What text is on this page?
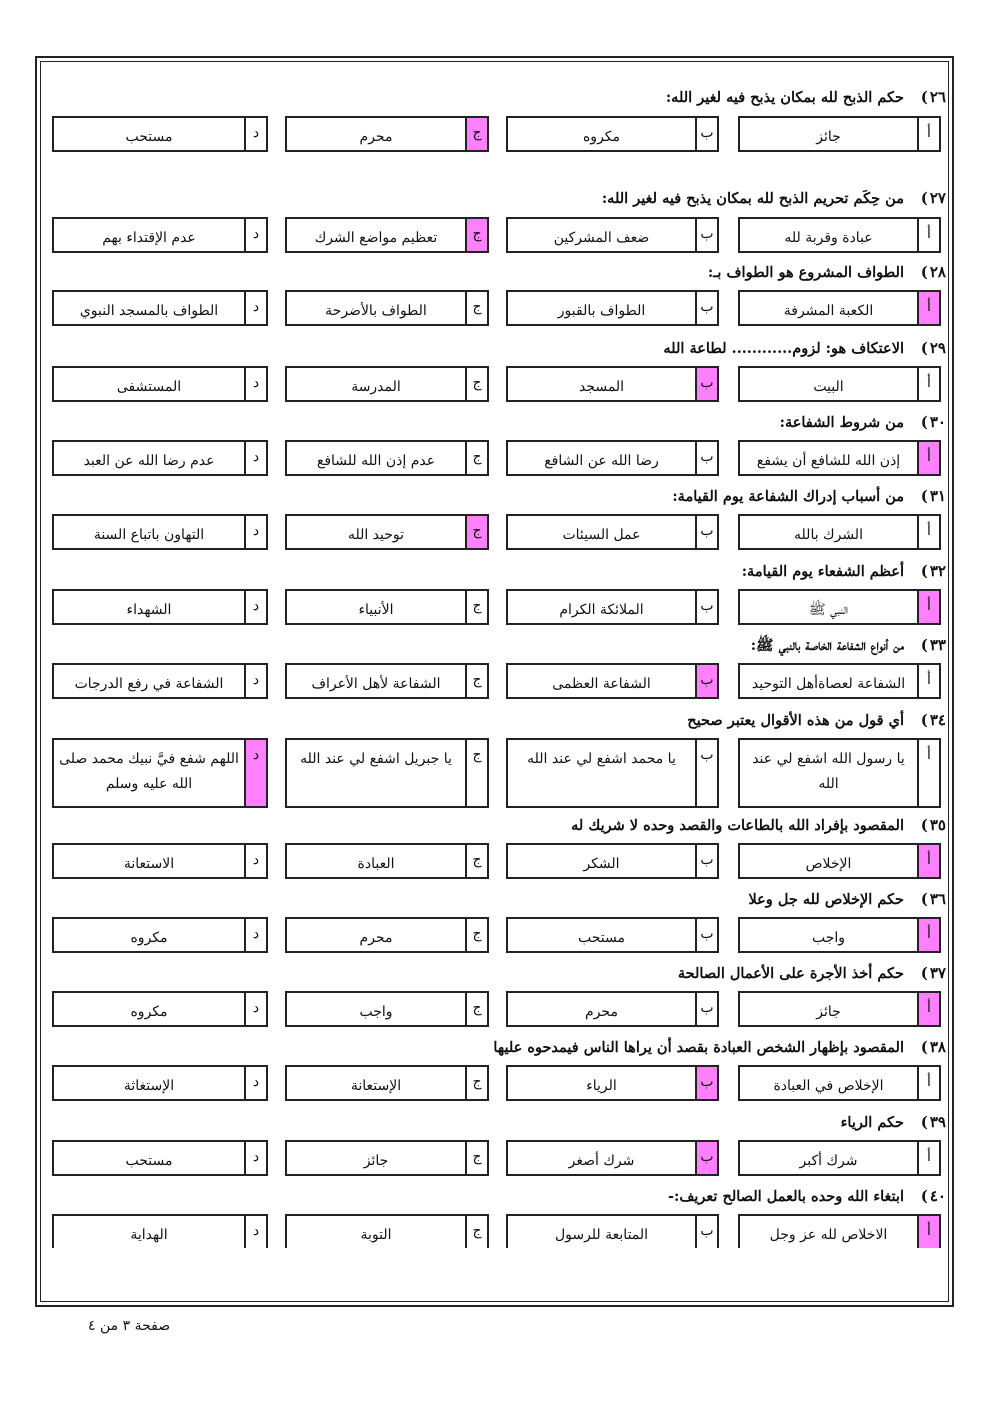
٢٦ )حكم الذبح لله بمكان يذبح فيه لغير الله:
أ
جائز
ب
مكروه
ج
محرم
د
مستحب
٢٧ )من حِكَم تحريم الذبح لله بمكان يذبح فيه لغير الله:
أ
عبادة وقربة لله
ب
ضعف المشركين
ج
تعظيم مواضع الشرك
د
عدم الإقتداء بهم
٢٨ )الطواف المشروع هو الطواف بـ:
أ
الكعبة المشرفة
ب
الطواف بالقبور
ج
الطواف بالأضرحة
د
الطواف بالمسجد النبوي
٢٩ )الاعتكاف هو: لزوم............ لطاعة الله
أ
البيت
ب
المسجد
ج
المدرسة
د
المستشفى
٣٠ )من شروط الشفاعة:
أ
إذن الله للشافع أن يشفع
ب
رضا الله عن الشافع
ج
عدم إذن الله للشافع
د
عدم رضا الله عن العبد
٣١ )من أسباب إدراك الشفاعة يوم القيامة:
أ
الشرك بالله
ب
عمل السيئات
ج
توحيد الله
د
التهاون باتباع السنة
٣٢ )أعظم الشفعاء يوم القيامة:
أ
النبي ﷺ
ب
الملائكة الكرام
ج
الأنبياء
د
الشهداء
٣٣ )من أنواع الشفاعة الخاصة بالنبي ﷺ:
أ
الشفاعة لعصاةأهل التوحيد
ب
الشفاعة العظمى
ج
الشفاعة لأهل الأعراف
د
الشفاعة في رفع الدرجات
٣٤ )أي قول من هذه الأقوال يعتبر صحيح
أ
يا رسول الله اشفع لي عند الله
ب
يا محمد اشفع لي عند الله
ج
يا جبريل اشفع لي عند الله
د
اللهم شفع فيَّ نبيك محمد صلى الله عليه وسلم
٣٥ )المقصود بإفراد الله بالطاعات والقصد وحده لا شريك له
أ
الإخلاص
ب
الشكر
ج
العبادة
د
الاستعانة
٣٦ )حكم الإخلاص لله جل وعلا
أ
واجب
ب
مستحب
ج
محرم
د
مكروه
٣٧ )حكم أخذ الأجرة على الأعمال الصالحة
أ
جائز
ب
محرم
ج
واجب
د
مكروه
٣٨ )المقصود بإظهار الشخص العبادة بقصد أن يراها الناس فيمدحوه عليها
أ
الإخلاص في العبادة
ب
الرياء
ج
الإستعانة
د
الإستغاثة
٣٩ )حكم الرياء
أ
شرك أكبر
ب
شرك أصغر
ج
جائز
د
مستحب
٤٠ )ابتغاء الله وحده بالعمل الصالح تعريف:-
أ
الاخلاص لله عز وجل
ب
المتابعة للرسول
ج
التوبة
د
الهداية
صفحة ٣ من ٤
